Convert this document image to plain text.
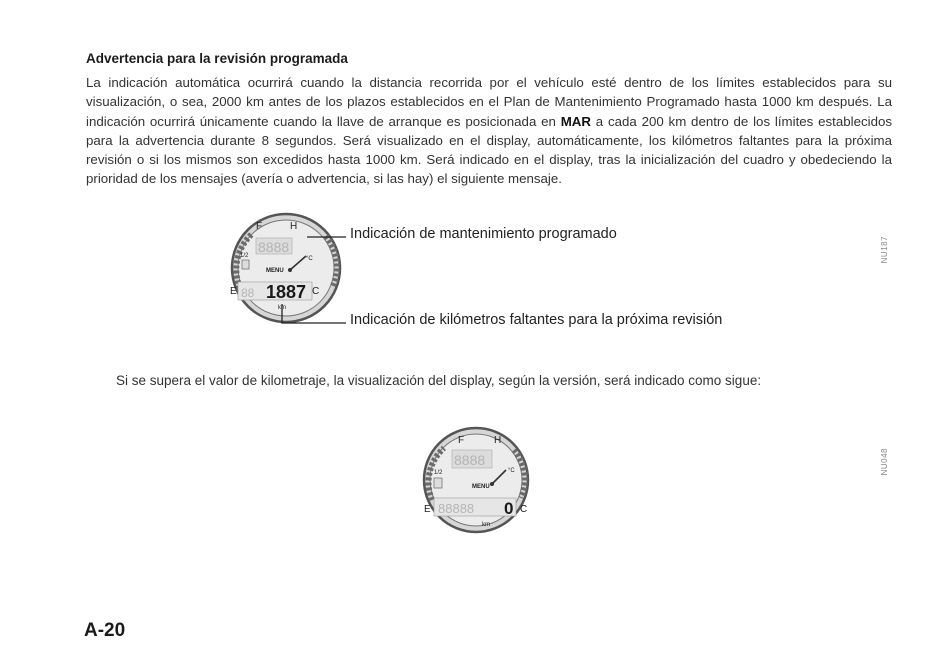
Advertencia para la revisión programada
La indicación automática ocurrirá cuando la distancia recorrida por el vehículo esté dentro de los límites establecidos para su visualización, o sea, 2000 km antes de los plazos establecidos en el Plan de Mantenimiento Programado hasta 1000 km después. La indicación ocurrirá únicamente cuando la llave de arranque es posicionada en MAR a cada 200 km dentro de los límites establecidos para la advertencia durante 8 segundos. Será visualizado en el display, automáticamente, los kilómetros faltantes para la próxima revisión o si los mismos son excedidos hasta 1000 km. Será indicado en el display, tras la inicialización del cuadro y obedeciendo la prioridad de los mensajes (avería o advertencia, si las hay) el siguiente mensaje.
8888
F	H
1/2
MENU
°C
E	C
88 1887
km
Indicación de mantenimiento programado
Indicación de kilómetros faltantes para la próxima revisión
NU187
Si se supera el valor de kilometraje, la visualización del display, según la versión, será indicado como sigue:
8888
F	H
1/2
MENU
°C
E	C
88888 0
km
NU048
A-20
